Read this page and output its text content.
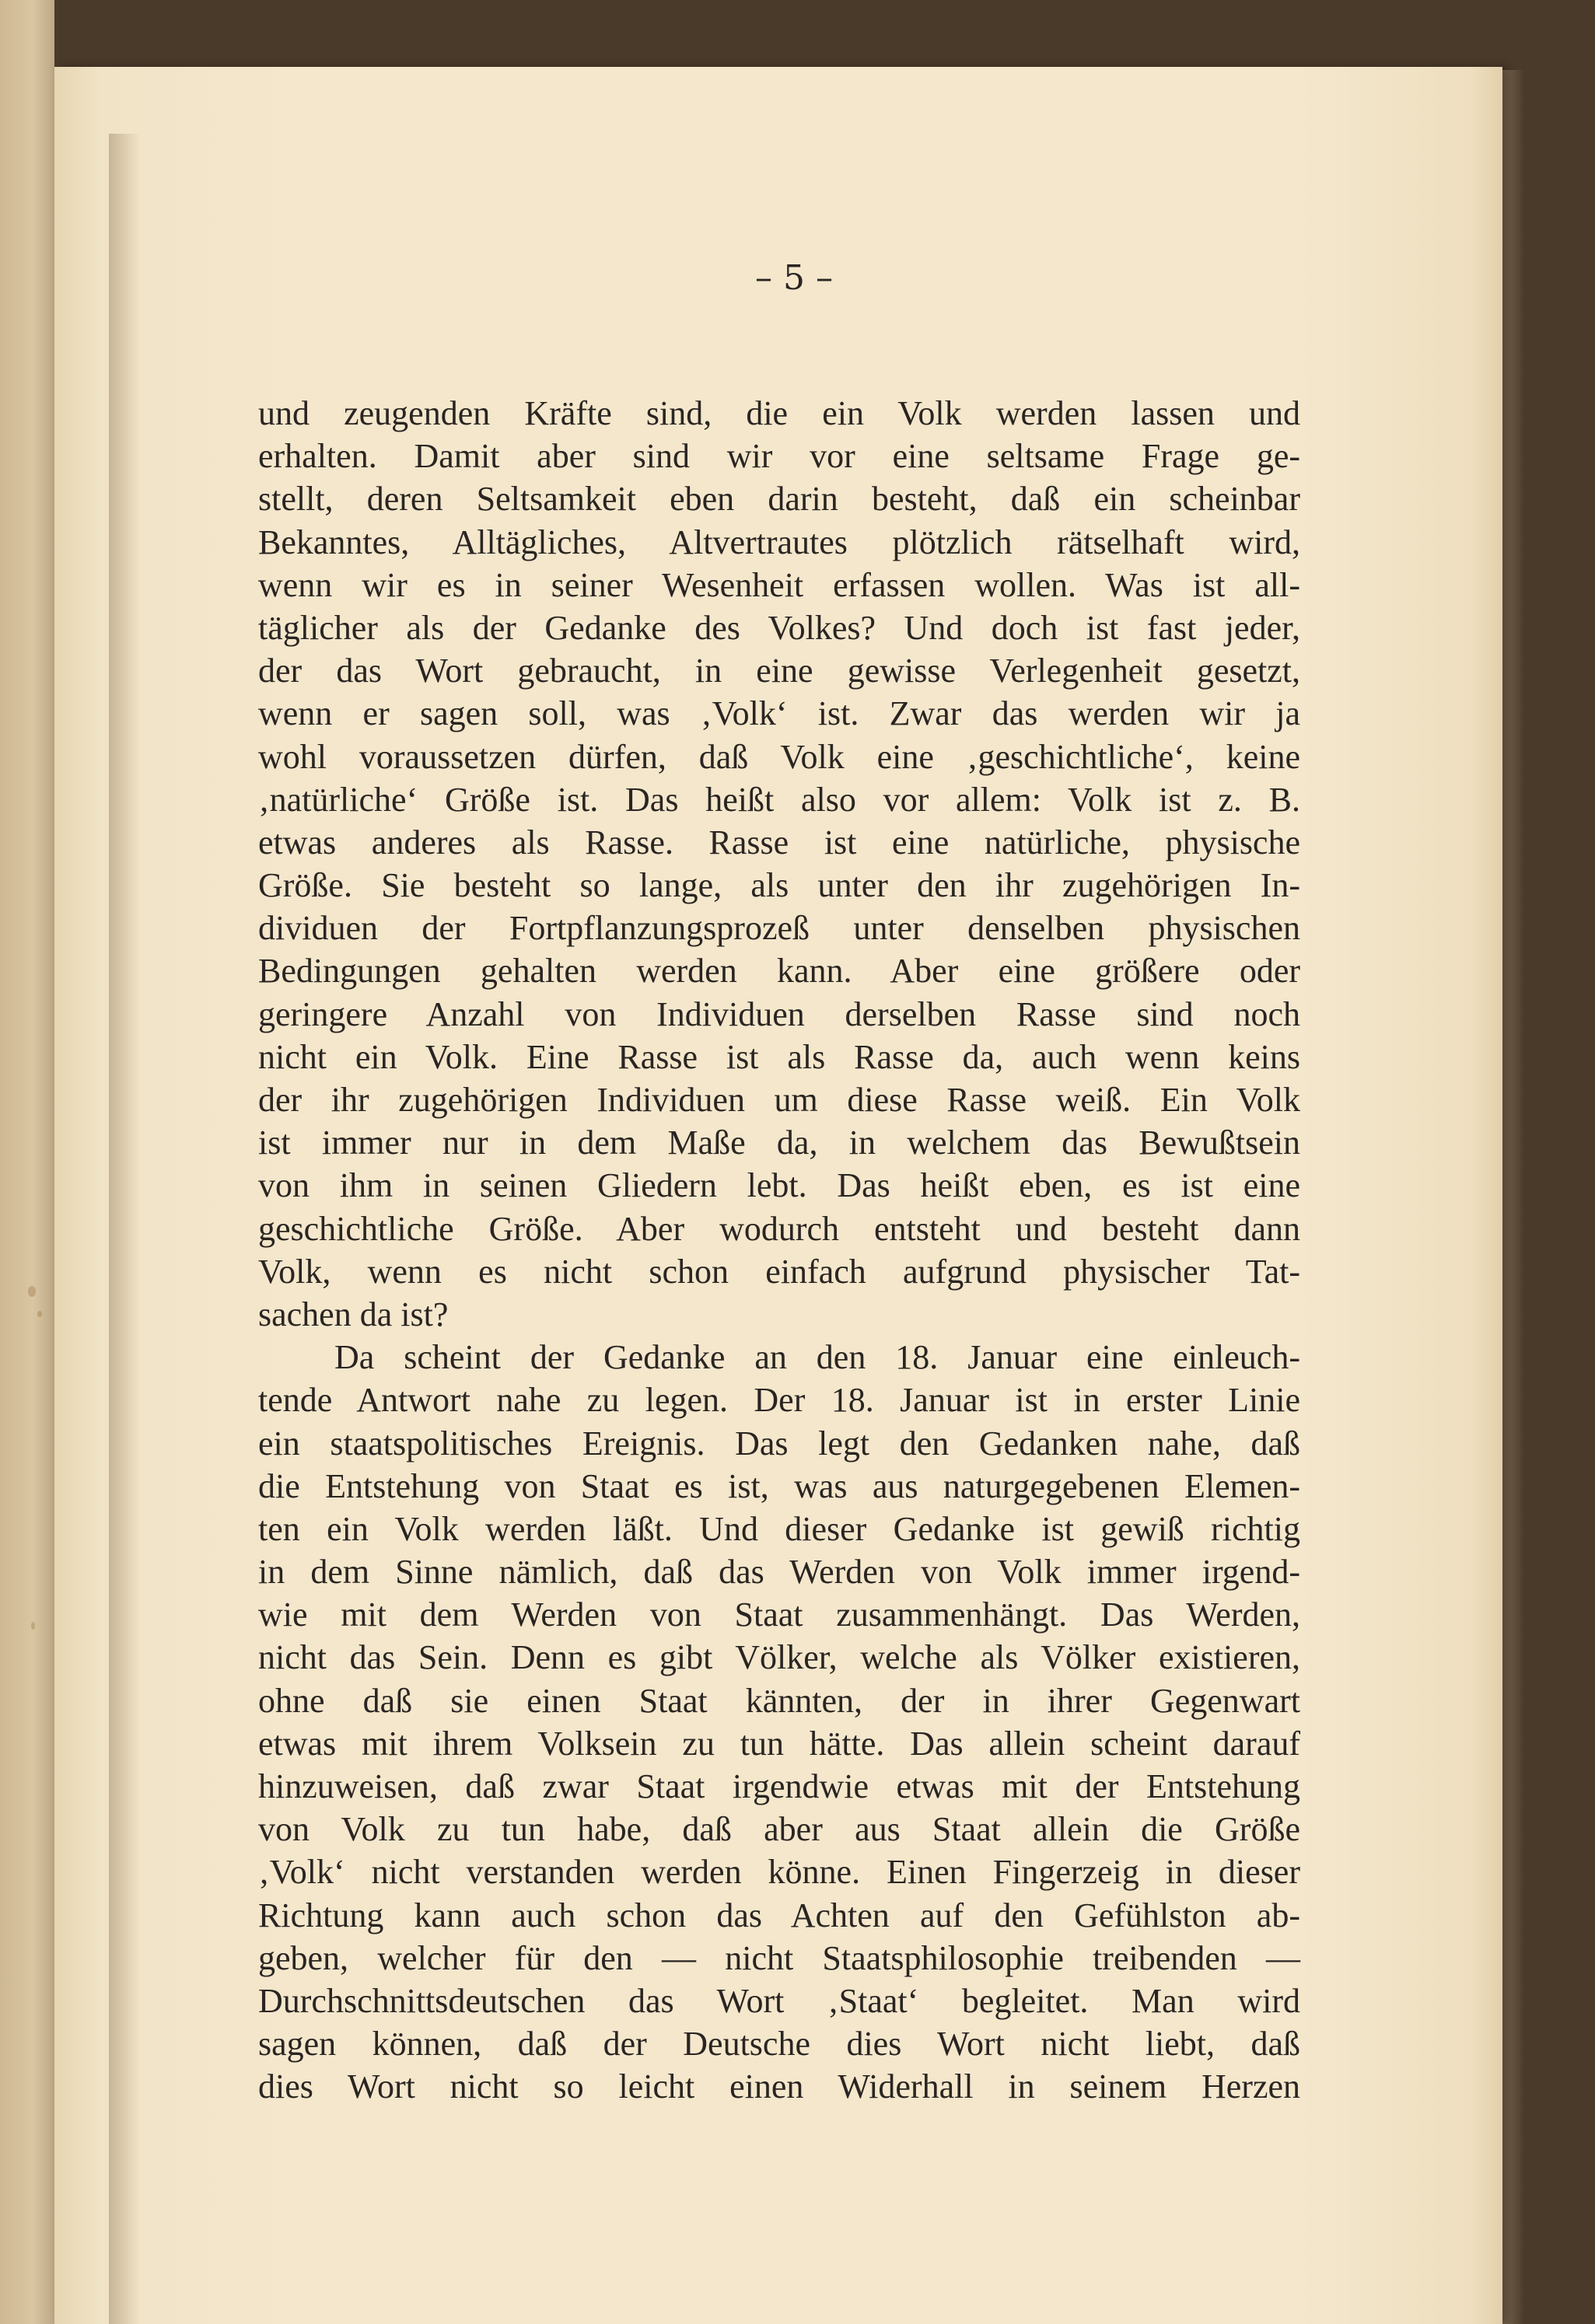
– 5 –
und zeugenden Kräfte sind, die ein Volk werden lassen und
erhalten. Damit aber sind wir vor eine seltsame Frage ge-
stellt, deren Seltsamkeit eben darin besteht, daß ein scheinbar
Bekanntes, Alltägliches, Altvertrautes plötzlich rätselhaft wird,
wenn wir es in seiner Wesenheit erfassen wollen. Was ist all-
täglicher als der Gedanke des Volkes? Und doch ist fast jeder,
der das Wort gebraucht, in eine gewisse Verlegenheit gesetzt,
wenn er sagen soll, was ‚Volk‘ ist. Zwar das werden wir ja
wohl voraussetzen dürfen, daß Volk eine ‚geschichtliche‘, keine
‚natürliche‘ Größe ist. Das heißt also vor allem: Volk ist z. B.
etwas anderes als Rasse. Rasse ist eine natürliche, physische
Größe. Sie besteht so lange, als unter den ihr zugehörigen In-
dividuen der Fortpflanzungsprozeß unter denselben physischen
Bedingungen gehalten werden kann. Aber eine größere oder
geringere Anzahl von Individuen derselben Rasse sind noch
nicht ein Volk. Eine Rasse ist als Rasse da, auch wenn keins
der ihr zugehörigen Individuen um diese Rasse weiß. Ein Volk
ist immer nur in dem Maße da, in welchem das Bewußtsein
von ihm in seinen Gliedern lebt. Das heißt eben, es ist eine
geschichtliche Größe. Aber wodurch entsteht und besteht dann
Volk, wenn es nicht schon einfach aufgrund physischer Tat-
sachen da ist?
Da scheint der Gedanke an den 18. Januar eine einleuch-
tende Antwort nahe zu legen. Der 18. Januar ist in erster Linie
ein staatspolitisches Ereignis. Das legt den Gedanken nahe, daß
die Entstehung von Staat es ist, was aus naturgegebenen Elemen-
ten ein Volk werden läßt. Und dieser Gedanke ist gewiß richtig
in dem Sinne nämlich, daß das Werden von Volk immer irgend-
wie mit dem Werden von Staat zusammenhängt. Das Werden,
nicht das Sein. Denn es gibt Völker, welche als Völker existieren,
ohne daß sie einen Staat kännten, der in ihrer Gegenwart
etwas mit ihrem Volksein zu tun hätte. Das allein scheint darauf
hinzuweisen, daß zwar Staat irgendwie etwas mit der Entstehung
von Volk zu tun habe, daß aber aus Staat allein die Größe
‚Volk‘ nicht verstanden werden könne. Einen Fingerzeig in dieser
Richtung kann auch schon das Achten auf den Gefühlston ab-
geben, welcher für den — nicht Staatsphilosophie treibenden —
Durchschnittsdeutschen das Wort ‚Staat‘ begleitet. Man wird
sagen können, daß der Deutsche dies Wort nicht liebt, daß
dies Wort nicht so leicht einen Widerhall in seinem Herzen
